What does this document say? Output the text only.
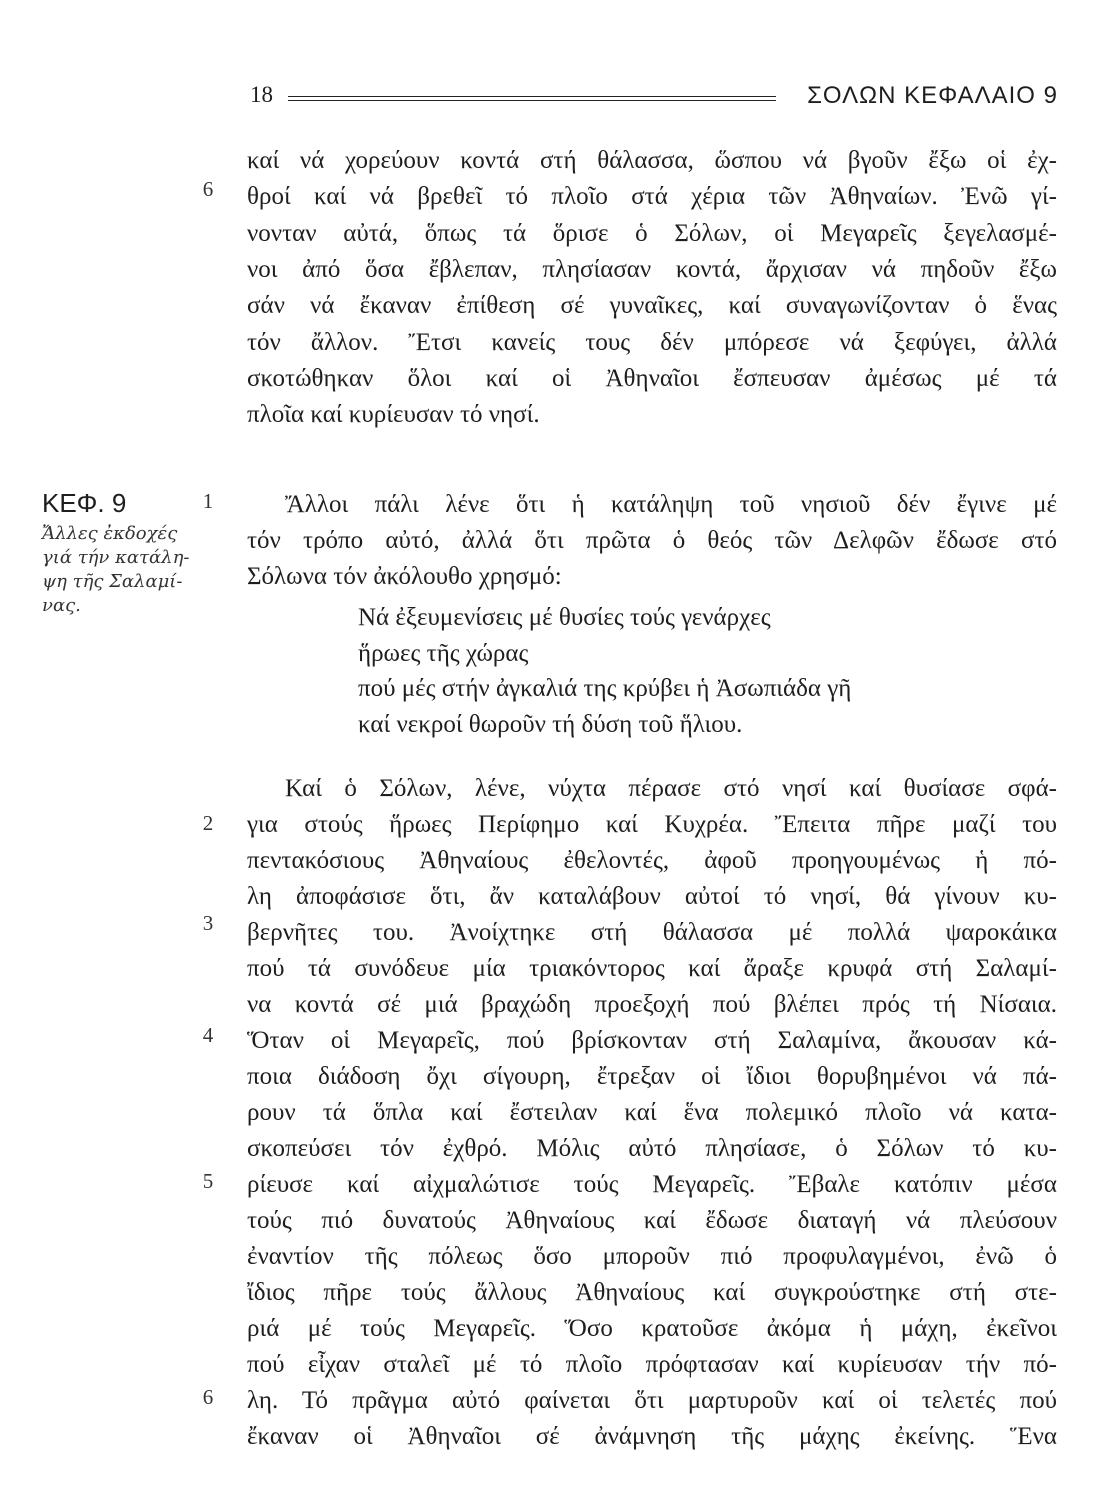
18	ΣΟΛΩΝ ΚΕΦΑΛΑΙΟ 9
ΚΕΦ. 9
Ἄλλες ἐκδοχές
γιά τήν κατάλη-
ψη τῆς Σαλαμί-
νας.
6
1
2
3
4
5
6
καί νά χορεύουν κοντά στή θάλασσα, ὥσπου νά βγοῦν ἔξω οἱ ἐχ-
θροί καί νά βρεθεῖ τό πλοῖο στά χέρια τῶν Ἀθηναίων. Ἐνῶ γί-
νονταν αὐτά, ὅπως τά ὅρισε ὁ Σόλων, οἱ Μεγαρεῖς ξεγελασμέ-
νοι ἀπό ὅσα ἔβλεπαν, πλησίασαν κοντά, ἄρχισαν νά πηδοῦν ἔξω
σάν νά ἔκαναν ἐπίθεση σέ γυναῖκες, καί συναγωνίζονταν ὁ ἕνας
τόν ἄλλον. Ἔτσι κανείς τους δέν μπόρεσε νά ξεφύγει, ἀλλά
σκοτώθηκαν ὅλοι καί οἱ Ἀθηναῖοι ἔσπευσαν ἀμέσως μέ τά
πλοῖα καί κυρίευσαν τό νησί.
Ἄλλοι πάλι λένε ὅτι ἡ κατάληψη τοῦ νησιοῦ δέν ἔγινε μέ
τόν τρόπο αὐτό, ἀλλά ὅτι πρῶτα ὁ θεός τῶν Δελφῶν ἔδωσε στό
Σόλωνα τόν ἀκόλουθο χρησμό:
Νά ἐξευμενίσεις μέ θυσίες τούς γενάρχες
ἥρωες τῆς χώρας
πού μές στήν ἀγκαλιά της κρύβει ἡ Ἀσωπιάδα γῆ
καί νεκροί θωροῦν τή δύση τοῦ ἥλιου.
Καί ὁ Σόλων, λένε, νύχτα πέρασε στό νησί καί θυσίασε σφά-
για στούς ἥρωες Περίφημο καί Κυχρέα. Ἔπειτα πῆρε μαζί του
πεντακόσιους Ἀθηναίους ἐθελοντές, ἀφοῦ προηγουμένως ἡ πό-
λη ἀποφάσισε ὅτι, ἄν καταλάβουν αὐτοί τό νησί, θά γίνουν κυ-
βερνῆτες του. Ἀνοίχτηκε στή θάλασσα μέ πολλά ψαροκάικα
πού τά συνόδευε μία τριακόντορος καί ἄραξε κρυφά στή Σαλαμί-
να κοντά σέ μιά βραχώδη προεξοχή πού βλέπει πρός τή Νίσαια.
Ὅταν οἱ Μεγαρεῖς, πού βρίσκονταν στή Σαλαμίνα, ἄκουσαν κά-
ποια διάδοση ὄχι σίγουρη, ἔτρεξαν οἱ ἴδιοι θορυβημένοι νά πά-
ρουν τά ὅπλα καί ἔστειλαν καί ἕνα πολεμικό πλοῖο νά κατα-
σκοπεύσει τόν ἐχθρό. Μόλις αὐτό πλησίασε, ὁ Σόλων τό κυ-
ρίευσε καί αἰχμαλώτισε τούς Μεγαρεῖς. Ἔβαλε κατόπιν μέσα
τούς πιό δυνατούς Ἀθηναίους καί ἔδωσε διαταγή νά πλεύσουν
ἐναντίον τῆς πόλεως ὅσο μποροῦν πιό προφυλαγμένοι, ἐνῶ ὁ
ἴδιος πῆρε τούς ἄλλους Ἀθηναίους καί συγκρούστηκε στή στε-
ριά μέ τούς Μεγαρεῖς. Ὅσο κρατοῦσε ἀκόμα ἡ μάχη, ἐκεῖνοι
πού εἶχαν σταλεῖ μέ τό πλοῖο πρόφτασαν καί κυρίευσαν τήν πό-
λη. Τό πρᾶγμα αὐτό φαίνεται ὅτι μαρτυροῦν καί οἱ τελετές πού
ἔκαναν οἱ Ἀθηναῖοι σέ ἀνάμνηση τῆς μάχης ἐκείνης. Ἕνα
